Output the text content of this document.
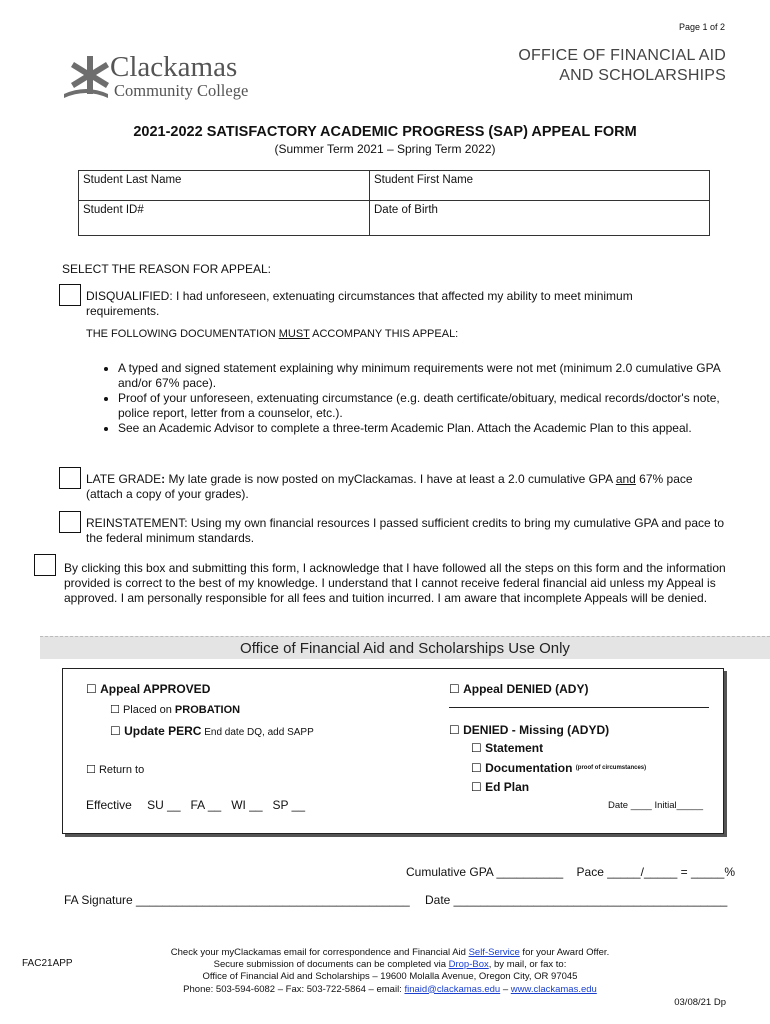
Page 1 of 2
Clackamas
Community College
OFFICE OF FINANCIAL AID
AND SCHOLARSHIPS
2021-2022 SATISFACTORY ACADEMIC PROGRESS (SAP) APPEAL FORM
(Summer Term 2021 – Spring Term 2022)
Student Last Name	Student First Name
Student ID#	Date of Birth
SELECT THE REASON FOR APPEAL:
DISQUALIFIED: I had unforeseen, extenuating circumstances that affected my ability to meet minimum requirements.
THE FOLLOWING DOCUMENTATION MUST ACCOMPANY THIS APPEAL:
• A typed and signed statement explaining why minimum requirements were not met (minimum 2.0 cumulative GPA and/or 67% pace).
• Proof of your unforeseen, extenuating circumstance (e.g. death certificate/obituary, medical records/doctor's note, police report, letter from a counselor, etc.).
• See an Academic Advisor to complete a three-term Academic Plan. Attach the Academic Plan to this appeal.
LATE GRADE: My late grade is now posted on myClackamas. I have at least a 2.0 cumulative GPA and 67% pace (attach a copy of your grades).
REINSTATEMENT: Using my own financial resources I passed sufficient credits to bring my cumulative GPA and pace to the federal minimum standards.
By clicking this box and submitting this form, I acknowledge that I have followed all the steps on this form and the information provided is correct to the best of my knowledge. I understand that I cannot receive federal financial aid unless my Appeal is approved. I am personally responsible for all fees and tuition incurred. I am aware that incomplete Appeals will be denied.
Office of Financial Aid and Scholarships Use Only
☐ Appeal APPROVED
☐ Placed on PROBATION
☐ Update PERC End date DQ, add SAPP
☐ Return to
Effective SU __   FA __   WI __   SP __
☐ Appeal DENIED (ADY)
☐ DENIED - Missing (ADYD)
☐ Statement
☐ Documentation $^{(proof of circumstances)}$
☐ Ed Plan
Date ____ Initial_____
Cumulative GPA __________    Pace _____/_____ = _____%
FA Signature _________________________________________ Date _________________________________________
FAC21APP
Check your myClackamas email for correspondence and Financial Aid Self-Service for your Award Offer.
Secure submission of documents can be completed via Drop-Box, by mail, or fax to:
Office of Financial Aid and Scholarships – 19600 Molalla Avenue, Oregon City, OR 97045
Phone: 503-594-6082 – Fax: 503-722-5864 – email: finaid@clackamas.edu – www.clackamas.edu
03/08/21 Dp
